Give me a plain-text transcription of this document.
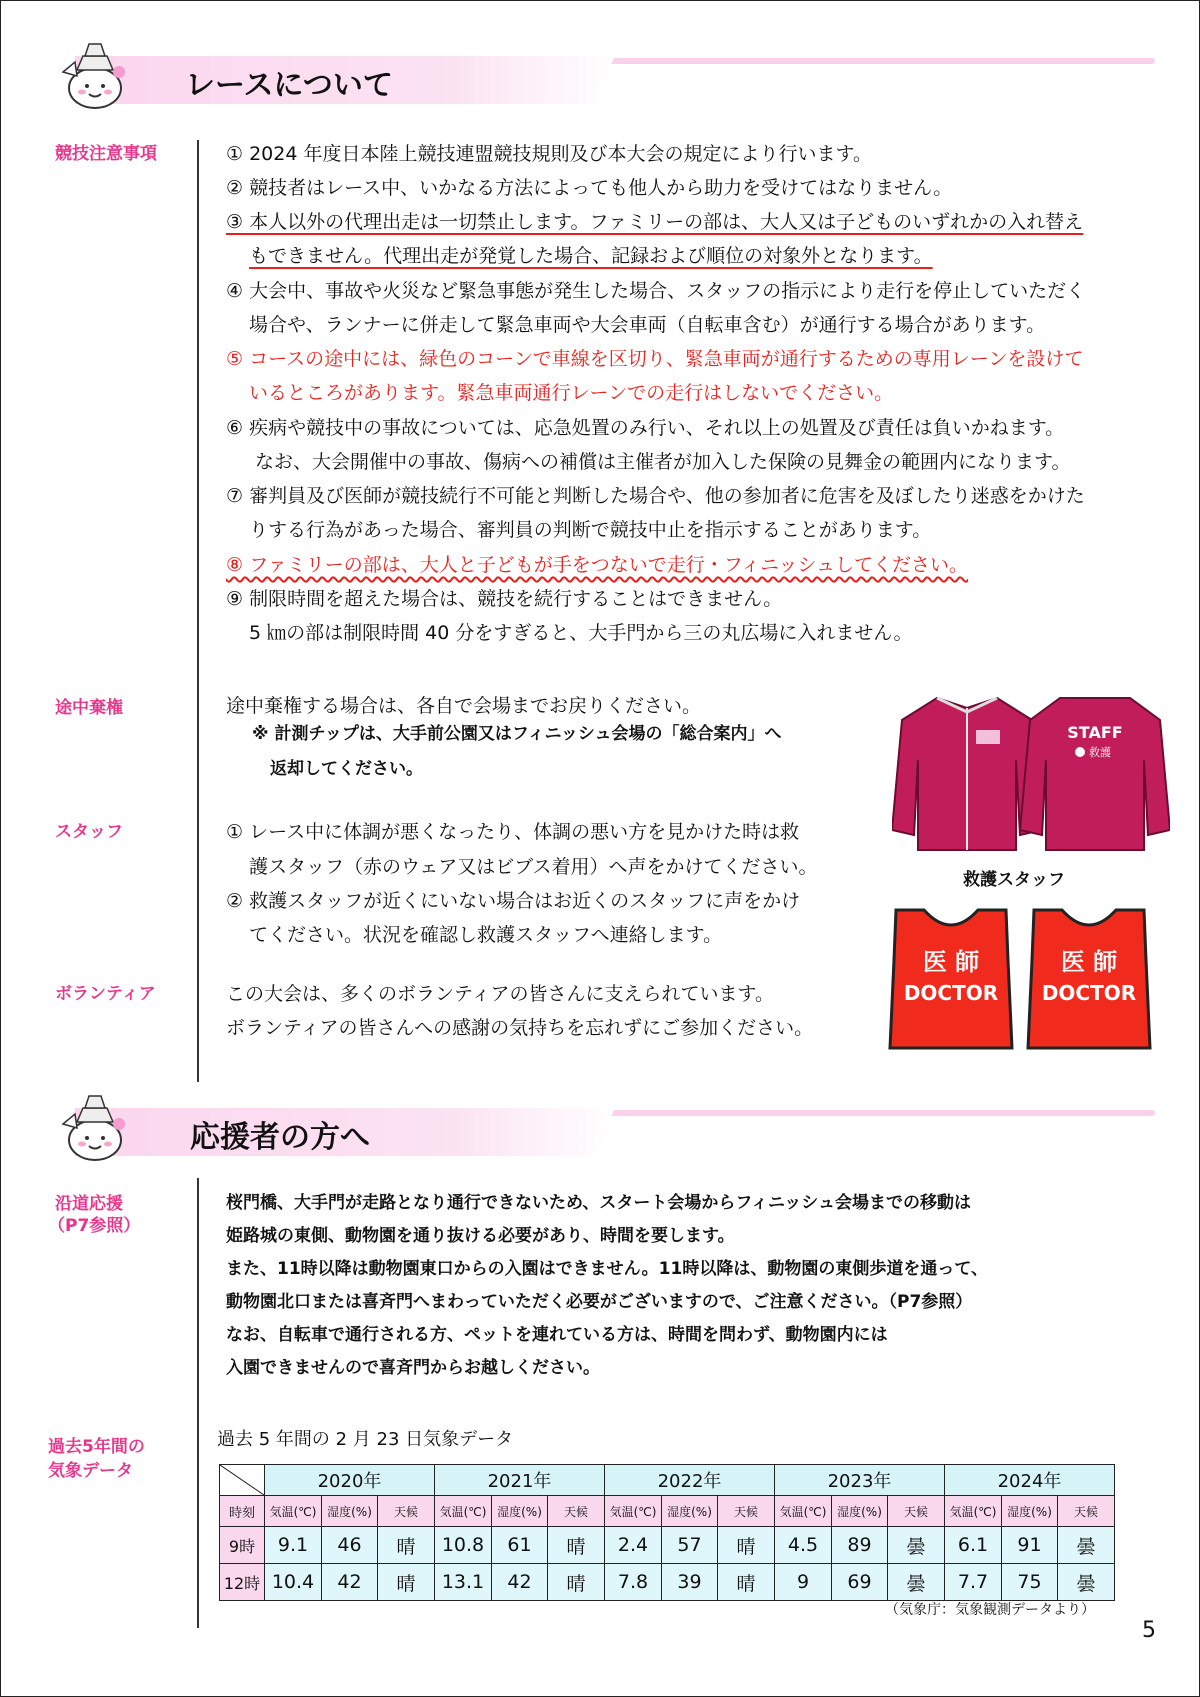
レースについて
競技注意事項	① 2024 年度日本陸上競技連盟競技規則及び本大会の規定により行います。
② 競技者はレース中、いかなる方法によっても他人から助力を受けてはなりません。
③ 本人以外の代理出走は一切禁止します。ファミリーの部は、大人又は子どものいずれかの入れ替え
もできません。代理出走が発覚した場合、記録および順位の対象外となります。
④ 大会中、事故や火災など緊急事態が発生した場合、スタッフの指示により走行を停止していただく
場合や、ランナーに併走して緊急車両や大会車両（自転車含む）が通行する場合があります。
⑤ コースの途中には、緑色のコーンで車線を区切り、緊急車両が通行するための専用レーンを設けて
いるところがあります。緊急車両通行レーンでの走行はしないでください。
⑥ 疾病や競技中の事故については、応急処置のみ行い、それ以上の処置及び責任は負いかねます。
なお、大会開催中の事故、傷病への補償は主催者が加入した保険の見舞金の範囲内になります。
⑦ 審判員及び医師が競技続行不可能と判断した場合や、他の参加者に危害を及ぼしたり迷惑をかけた
りする行為があった場合、審判員の判断で競技中止を指示することがあります。
⑧ ファミリーの部は、大人と子どもが手をつないで走行・フィニッシュしてください。
⑨ 制限時間を超えた場合は、競技を続行することはできません。
5 ㎞の部は制限時間 40 分をすぎると、大手門から三の丸広場に入れません。
途中棄権	途中棄権する場合は、各自で会場までお戻りください。
※ 計測チップは、大手前公園又はフィニッシュ会場の「総合案内」へ
返却してください。
スタッフ	① レース中に体調が悪くなったり、体調の悪い方を見かけた時は救
護スタッフ（赤のウェア又はビブス着用）へ声をかけてください。
② 救護スタッフが近くにいない場合はお近くのスタッフに声をかけ
てください。状況を確認し救護スタッフへ連絡します。
ボランティア	この大会は、多くのボランティアの皆さんに支えられています。
ボランティアの皆さんへの感謝の気持ちを忘れずにご参加ください。
STAFF
救護
救護スタッフ
医 師
DOCTOR
医 師
DOCTOR
応援者の方へ
沿道応援
（P7参照）
桜門橋、大手門が走路となり通行できないため、スタート会場からフィニッシュ会場までの移動は
姫路城の東側、動物園を通り抜ける必要があり、時間を要します。
また、11時以降は動物園東口からの入園はできません。11時以降は、動物園の東側歩道を通って、
動物園北口または喜斉門へまわっていただく必要がございますので、ご注意ください。（P7参照）
なお、自転車で通行される方、ペットを連れている方は、時間を問わず、動物園内には
入園できませんので喜斉門からお越しください。
過去5年間の
気象データ
過去 5 年間の 2 月 23 日気象データ
	2020年			2021年			2022年			2023年			2024年		
時刻	気温(℃)	湿度(%)	天候	気温(℃)	湿度(%)	天候	気温(℃)	湿度(%)	天候	気温(℃)	湿度(%)	天候	気温(℃)	湿度(%)	天候
9時	9.1	46	晴	10.8	61	晴	2.4	57	晴	4.5	89	曇	6.1	91	曇
12時	10.4	42	晴	13.1	42	晴	7.8	39	晴	9	69	曇	7.7	75	曇
（気象庁：気象観測データより）
5
